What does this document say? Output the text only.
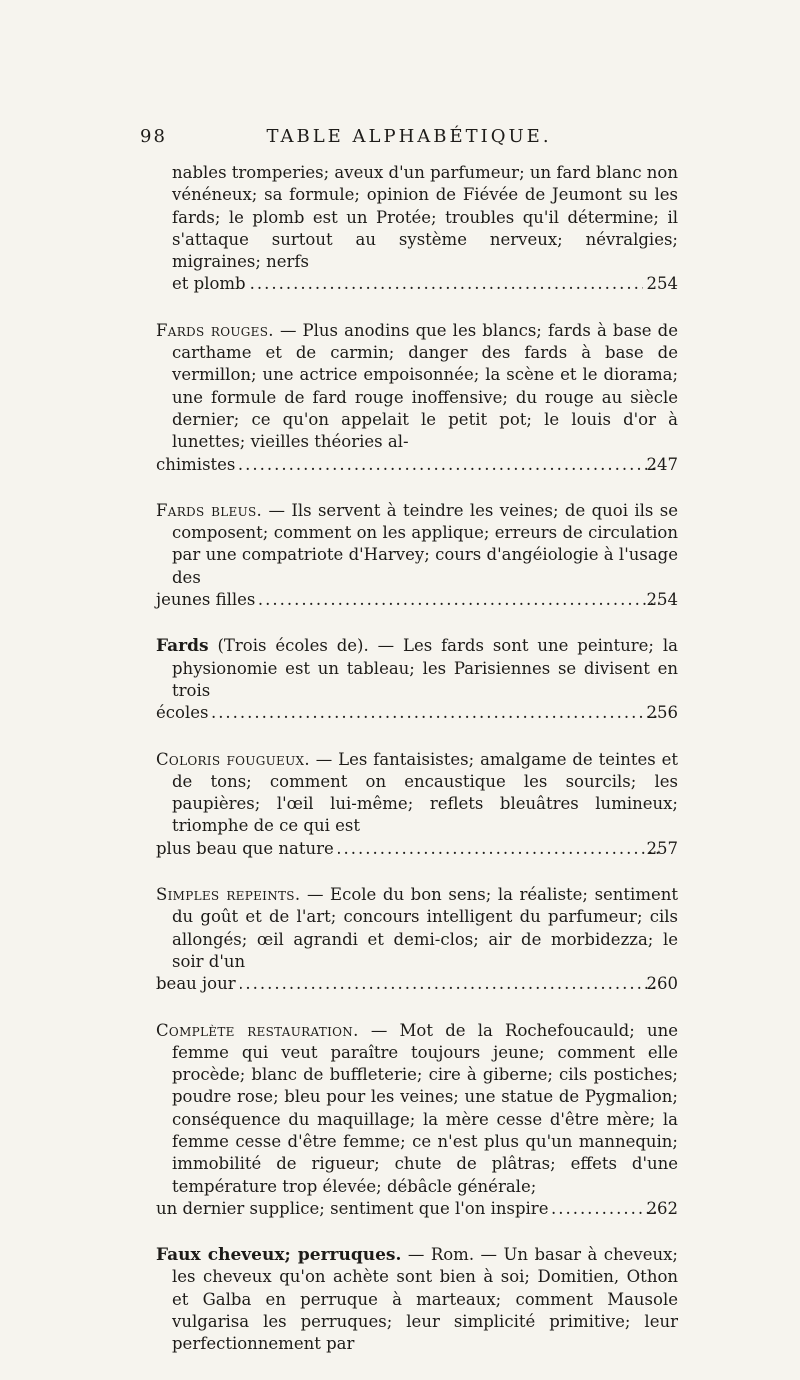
98	TABLE ALPHABÉTIQUE.

nables tromperies; aveux d'un parfumeur; un fard blanc non vénéneux; sa formule; opinion de Fiévée de Jeumont su les fards; le plomb est un Protée; troubles qu'il détermine; il s'attaque surtout au système nerveux; névralgies; migraines; nerfs
et plomb .....	254

Fards rouges. — Plus anodins que les blancs; fards à base de carthame et de carmin; danger des fards à base de vermillon; une actrice empoisonnée; la scène et le diorama; une formule de fard rouge inoffensive; du rouge au siècle dernier; ce qu'on appelait le petit pot; le louis d'or à lunettes; vieilles théories al-
chimistes .....	247

Fards bleus. — Ils servent à teindre les veines; de quoi ils se composent; comment on les applique; erreurs de circulation par une compatriote d'Harvey; cours d'angéiologie à l'usage des
jeunes filles .....	254

Fards (Trois écoles de). — Les fards sont une peinture; la physionomie est un tableau; les Parisiennes se divisent en trois
écoles .....	256

Coloris fougueux. — Les fantaisistes; amalgame de teintes et de tons; comment on encaustique les sourcils; les paupières; l'œil lui-même; reflets bleuâtres lumineux; triomphe de ce qui est
plus beau que nature .....	257

Simples repeints. — Ecole du bon sens; la réaliste; sentiment du goût et de l'art; concours intelligent du parfumeur; cils allongés; œil agrandi et demi-clos; air de morbidezza; le soir d'un
beau jour .....	260

Complète restauration. — Mot de la Rochefoucauld; une femme qui veut paraître toujours jeune; comment elle procède; blanc de buffleterie; cire à giberne; cils postiches; poudre rose; bleu pour les veines; une statue de Pygmalion; conséquence du maquillage; la mère cesse d'être mère; la femme cesse d'être femme; ce n'est plus qu'un mannequin; immobilité de rigueur; chute de plâtras; effets d'une température trop élevée; débâcle générale;
un dernier supplice; sentiment que l'on inspire .....	262

Faux cheveux; perruques. — Rom. — Un basar à cheveux; les cheveux qu'on achète sont bien à soi; Domitien, Othon et Galba en perruque à marteaux; comment Mausole vulgarisa les perruques; leur simplicité primitive; leur perfectionnement par
